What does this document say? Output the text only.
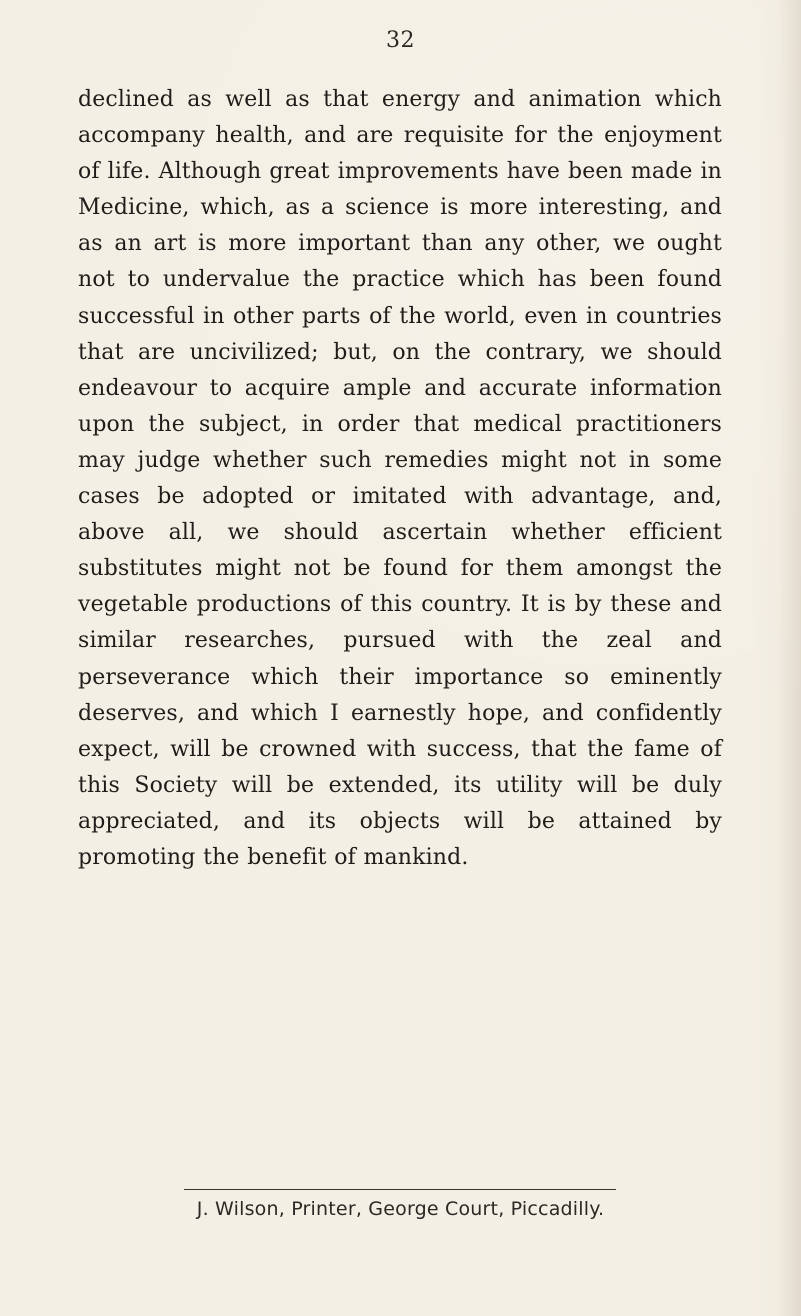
32

declined as well as that energy and animation which accompany health, and are requisite for the enjoyment of life. Although great improvements have been made in Medicine, which, as a science is more interesting, and as an art is more important than any other, we ought not to undervalue the practice which has been found successful in other parts of the world, even in countries that are uncivilized; but, on the contrary, we should endeavour to acquire ample and accurate information upon the subject, in order that medical practitioners may judge whether such remedies might not in some cases be adopted or imitated with advantage, and, above all, we should ascertain whether efficient substitutes might not be found for them amongst the vegetable productions of this country. It is by these and similar researches, pursued with the zeal and perseverance which their importance so eminently deserves, and which I earnestly hope, and confidently expect, will be crowned with success, that the fame of this Society will be extended, its utility will be duly appreciated, and its objects will be attained by promoting the benefit of mankind.

J. Wilson, Printer, George Court, Piccadilly.
